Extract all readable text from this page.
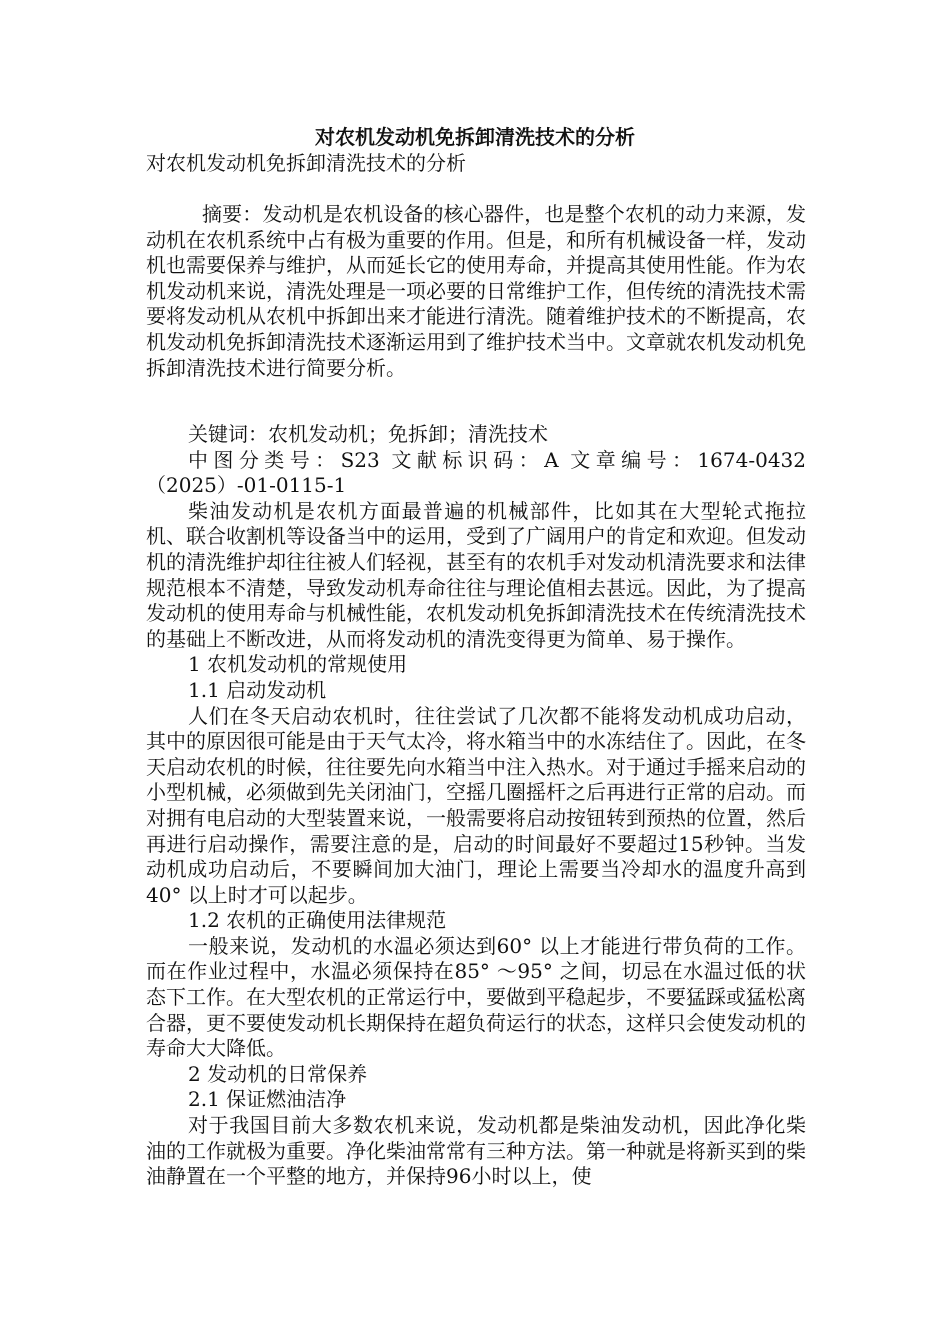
对农机发动机免拆卸清洗技术的分析
对农机发动机免拆卸清洗技术的分析

摘要：发动机是农机设备的核心器件，也是整个农机的动力来源，发动机在农机系统中占有极为重要的作用。但是，和所有机械设备一样，发动机也需要保养与维护，从而延长它的使用寿命，并提高其使用性能。作为农机发动机来说，清洗处理是一项必要的日常维护工作，但传统的清洗技术需要将发动机从农机中拆卸出来才能进行清洗。随着维护技术的不断提高，农机发动机免拆卸清洗技术逐渐运用到了维护技术当中。文章就农机发动机免拆卸清洗技术进行简要分析。

关键词：农机发动机；免拆卸；清洗技术

中图分类号：S23 文献标识码：A 文章编号：1674-0432（2025）-01-0115-1

柴油发动机是农机方面最普遍的机械部件，比如其在大型轮式拖拉机、联合收割机等设备当中的运用，受到了广阔用户的肯定和欢迎。但发动机的清洗维护却往往被人们轻视，甚至有的农机手对发动机清洗要求和法律规范根本不清楚，导致发动机寿命往往与理论值相去甚远。因此，为了提高发动机的使用寿命与机械性能，农机发动机免拆卸清洗技术在传统清洗技术的基础上不断改进，从而将发动机的清洗变得更为简单、易于操作。

1 农机发动机的常规使用

1.1 启动发动机

人们在冬天启动农机时，往往尝试了几次都不能将发动机成功启动，其中的原因很可能是由于天气太冷，将水箱当中的水冻结住了。因此，在冬天启动农机的时候，往往要先向水箱当中注入热水。对于通过手摇来启动的小型机械，必须做到先关闭油门，空摇几圈摇杆之后再进行正常的启动。而对拥有电启动的大型装置来说，一般需要将启动按钮转到预热的位置，然后再进行启动操作，需要注意的是，启动的时间最好不要超过15秒钟。当发动机成功启动后，不要瞬间加大油门，理论上需要当冷却水的温度升高到40° 以上时才可以起步。

1.2 农机的正确使用法律规范

一般来说，发动机的水温必须达到60° 以上才能进行带负荷的工作。而在作业过程中，水温必须保持在85° ～95° 之间，切忌在水温过低的状态下工作。在大型农机的正常运行中，要做到平稳起步，不要猛踩或猛松离合器，更不要使发动机长期保持在超负荷运行的状态，这样只会使发动机的寿命大大降低。

2 发动机的日常保养

2.1 保证燃油洁净

对于我国目前大多数农机来说，发动机都是柴油发动机，因此净化柴油的工作就极为重要。净化柴油常常有三种方法。第一种就是将新买到的柴油静置在一个平整的地方，并保持96小时以上，使
